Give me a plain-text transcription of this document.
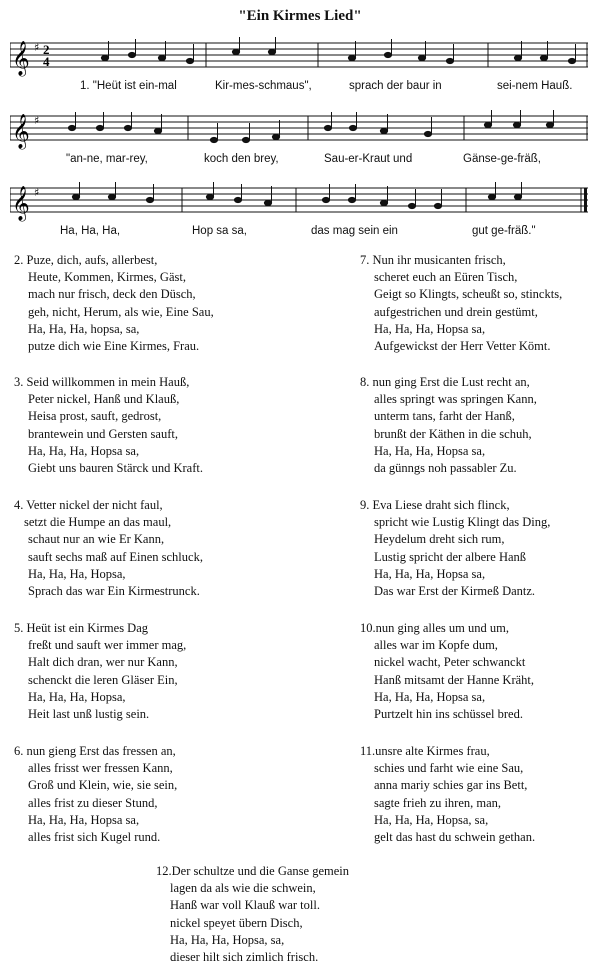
"Ein Kirmes Lied"
𝄞 ♯ 2
4
1. "Heüt ist ein-mal	Kir-mes-schmaus",	sprach der baur in	sei-nem Hauß.
𝄞 ♯
"an-ne, mar-rey,	koch den brey,	Sau-er-Kraut und	Gänse-ge-fräß,
𝄞 ♯
Ha, Ha, Ha,	Hop sa sa,	das mag sein ein	gut ge-fräß."
2. Puze, dich, aufs, allerbest,
Heute, Kommen, Kirmes, Gäst,
mach nur frisch, deck den Düsch,
geh, nicht, Herum, als wie, Eine Sau,
Ha, Ha, Ha, hopsa, sa,
putze dich wie Eine Kirmes, Frau.
3. Seid willkommen in mein Hauß,
Peter nickel, Hanß und Klauß,
Heisa prost, sauft, gedrost,
brantewein und Gersten sauft,
Ha, Ha, Ha, Hopsa sa,
Giebt uns bauren Stärck und Kraft.
4. Vetter nickel der nicht faul,
setzt die Humpe an das maul,
schaut nur an wie Er Kann,
sauft sechs maß auf Einen schluck,
Ha, Ha, Ha, Hopsa,
Sprach das war Ein Kirmestrunck.
5. Heüt ist ein Kirmes Dag
freßt und sauft wer immer mag,
Halt dich dran, wer nur Kann,
schenckt die leren Gläser Ein,
Ha, Ha, Ha, Hopsa,
Heit last unß lustig sein.
6. nun gieng Erst das fressen an,
alles frisst wer fressen Kann,
Groß und Klein, wie, sie sein,
alles frist zu dieser Stund,
Ha, Ha, Ha, Hopsa sa,
alles frist sich Kugel rund.
7. Nun ihr musicanten frisch,
scheret euch an Eüren Tisch,
Geigt so Klingts, scheußt so, stinckts,
aufgestrichen und drein gestümt,
Ha, Ha, Ha, Hopsa sa,
Aufgewickst der Herr Vetter Kömt.
8. nun ging Erst die Lust recht an,
alles springt was springen Kann,
unterm tans, farht der Hanß,
brunßt der Käthen in die schuh,
Ha, Ha, Ha, Hopsa sa,
da günngs noh passabler Zu.
9. Eva Liese draht sich flinck,
spricht wie Lustig Klingt das Ding,
Heydelum dreht sich rum,
Lustig spricht der albere Hanß
Ha, Ha, Ha, Hopsa sa,
Das war Erst der Kirmeß Dantz.
10.nun ging alles um und um,
alles war im Kopfe dum,
nickel wacht, Peter schwanckt
Hanß mitsamt der Hanne Kräht,
Ha, Ha, Ha, Hopsa sa,
Purtzelt hin ins schüssel bred.
11.unsre alte Kirmes frau,
schies und farht wie eine Sau,
anna mariy schies gar ins Bett,
sagte frieh zu ihren, man,
Ha, Ha, Ha, Hopsa, sa,
gelt das hast du schwein gethan.
12.Der schultze und die Ganse gemein
lagen da als wie die schwein,
Hanß war voll Klauß war toll.
nickel speyet übern Disch,
Ha, Ha, Ha, Hopsa, sa,
dieser hilt sich zimlich frisch.
